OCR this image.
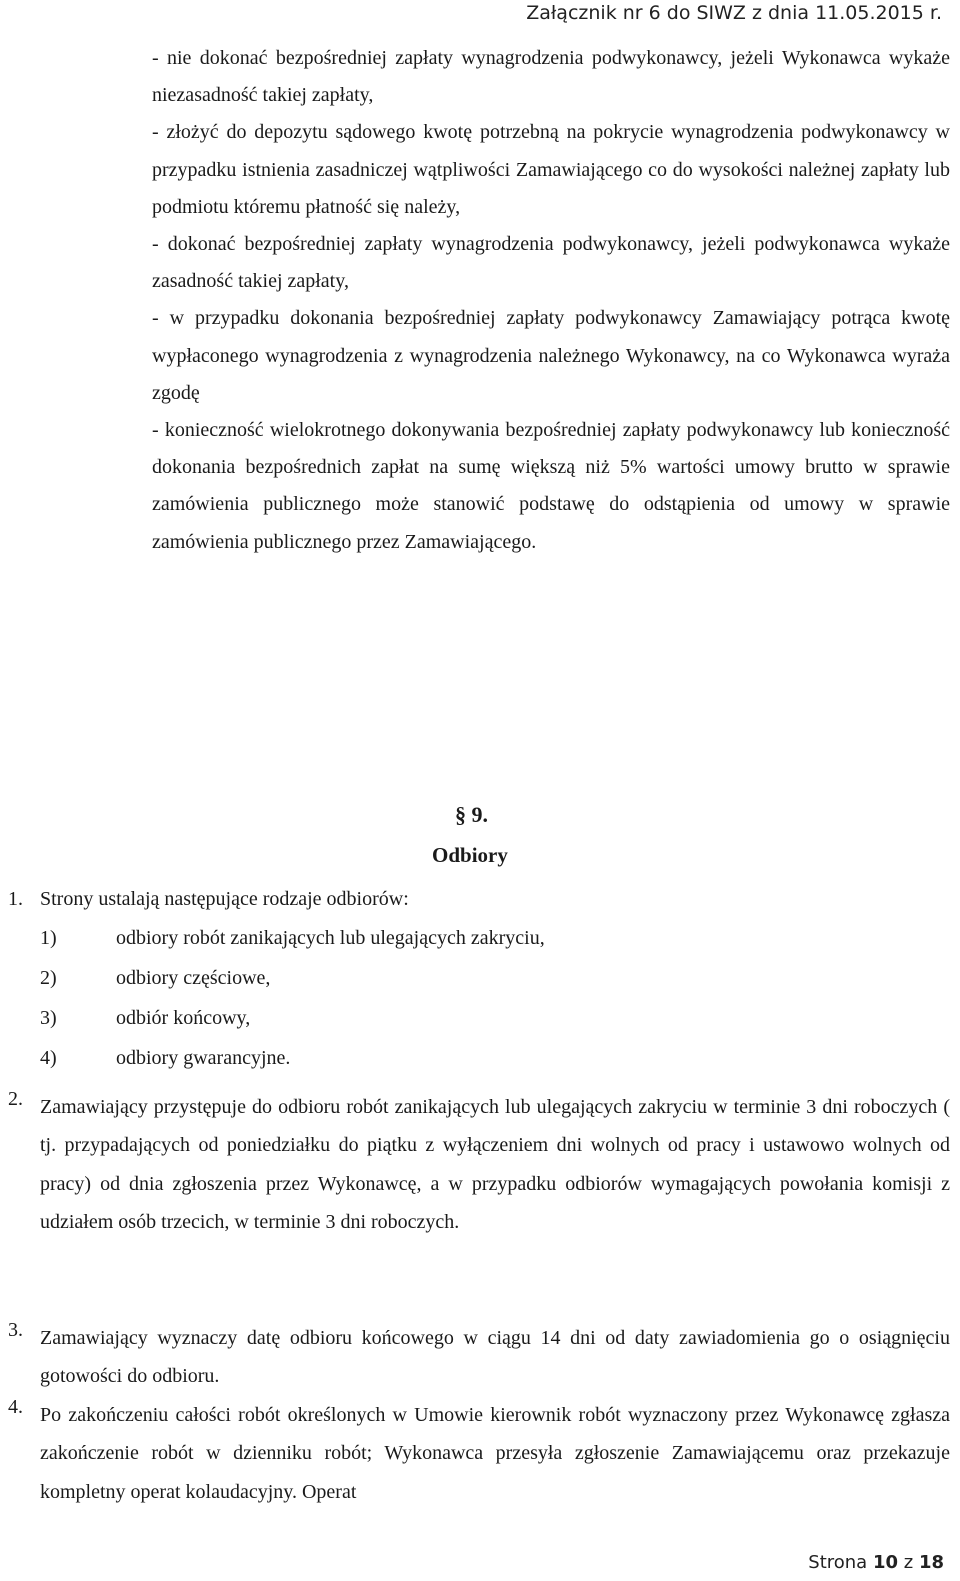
Załącznik nr 6 do SIWZ z dnia 11.05.2015 r.
- nie dokonać bezpośredniej zapłaty wynagrodzenia podwykonawcy, jeżeli Wykonawca wykaże niezasadność takiej zapłaty,
- złożyć do depozytu sądowego kwotę potrzebną na pokrycie wynagrodzenia podwykonawcy w przypadku istnienia zasadniczej wątpliwości Zamawiającego co do wysokości należnej zapłaty lub podmiotu któremu płatność się należy,
- dokonać bezpośredniej zapłaty wynagrodzenia podwykonawcy, jeżeli podwykonawca wykaże zasadność takiej zapłaty,
- w przypadku dokonania bezpośredniej zapłaty podwykonawcy Zamawiający potrąca kwotę wypłaconego wynagrodzenia z wynagrodzenia należnego Wykonawcy, na co Wykonawca wyraża zgodę
- konieczność wielokrotnego dokonywania bezpośredniej zapłaty podwykonawcy lub konieczność dokonania bezpośrednich zapłat na sumę większą niż 5% wartości umowy brutto w sprawie zamówienia publicznego może stanowić podstawę do odstąpienia od umowy w sprawie zamówienia publicznego przez Zamawiającego.
§ 9.
Odbiory
1. Strony ustalają następujące rodzaje odbiorów:
1)	odbiory robót zanikających lub ulegających zakryciu,
2)	odbiory częściowe,
3)	odbiór końcowy,
4)	odbiory gwarancyjne.
2. Zamawiający przystępuje do odbioru robót zanikających lub ulegających zakryciu w terminie 3 dni roboczych ( tj. przypadających od poniedziałku do piątku z wyłączeniem dni wolnych od pracy i ustawowo wolnych od pracy) od dnia zgłoszenia przez Wykonawcę, a w przypadku odbiorów wymagających powołania komisji z udziałem osób trzecich, w terminie 3 dni roboczych.
3. Zamawiający wyznaczy datę odbioru końcowego w ciągu 14 dni od daty zawiadomienia go o osiągnięciu gotowości do odbioru.
4. Po zakończeniu całości robót określonych w Umowie kierownik robót wyznaczony przez Wykonawcę zgłasza zakończenie robót w dzienniku robót; Wykonawca przesyła zgłoszenie Zamawiającemu oraz przekazuje kompletny operat kolaudacyjny. Operat
Strona 10 z 18
